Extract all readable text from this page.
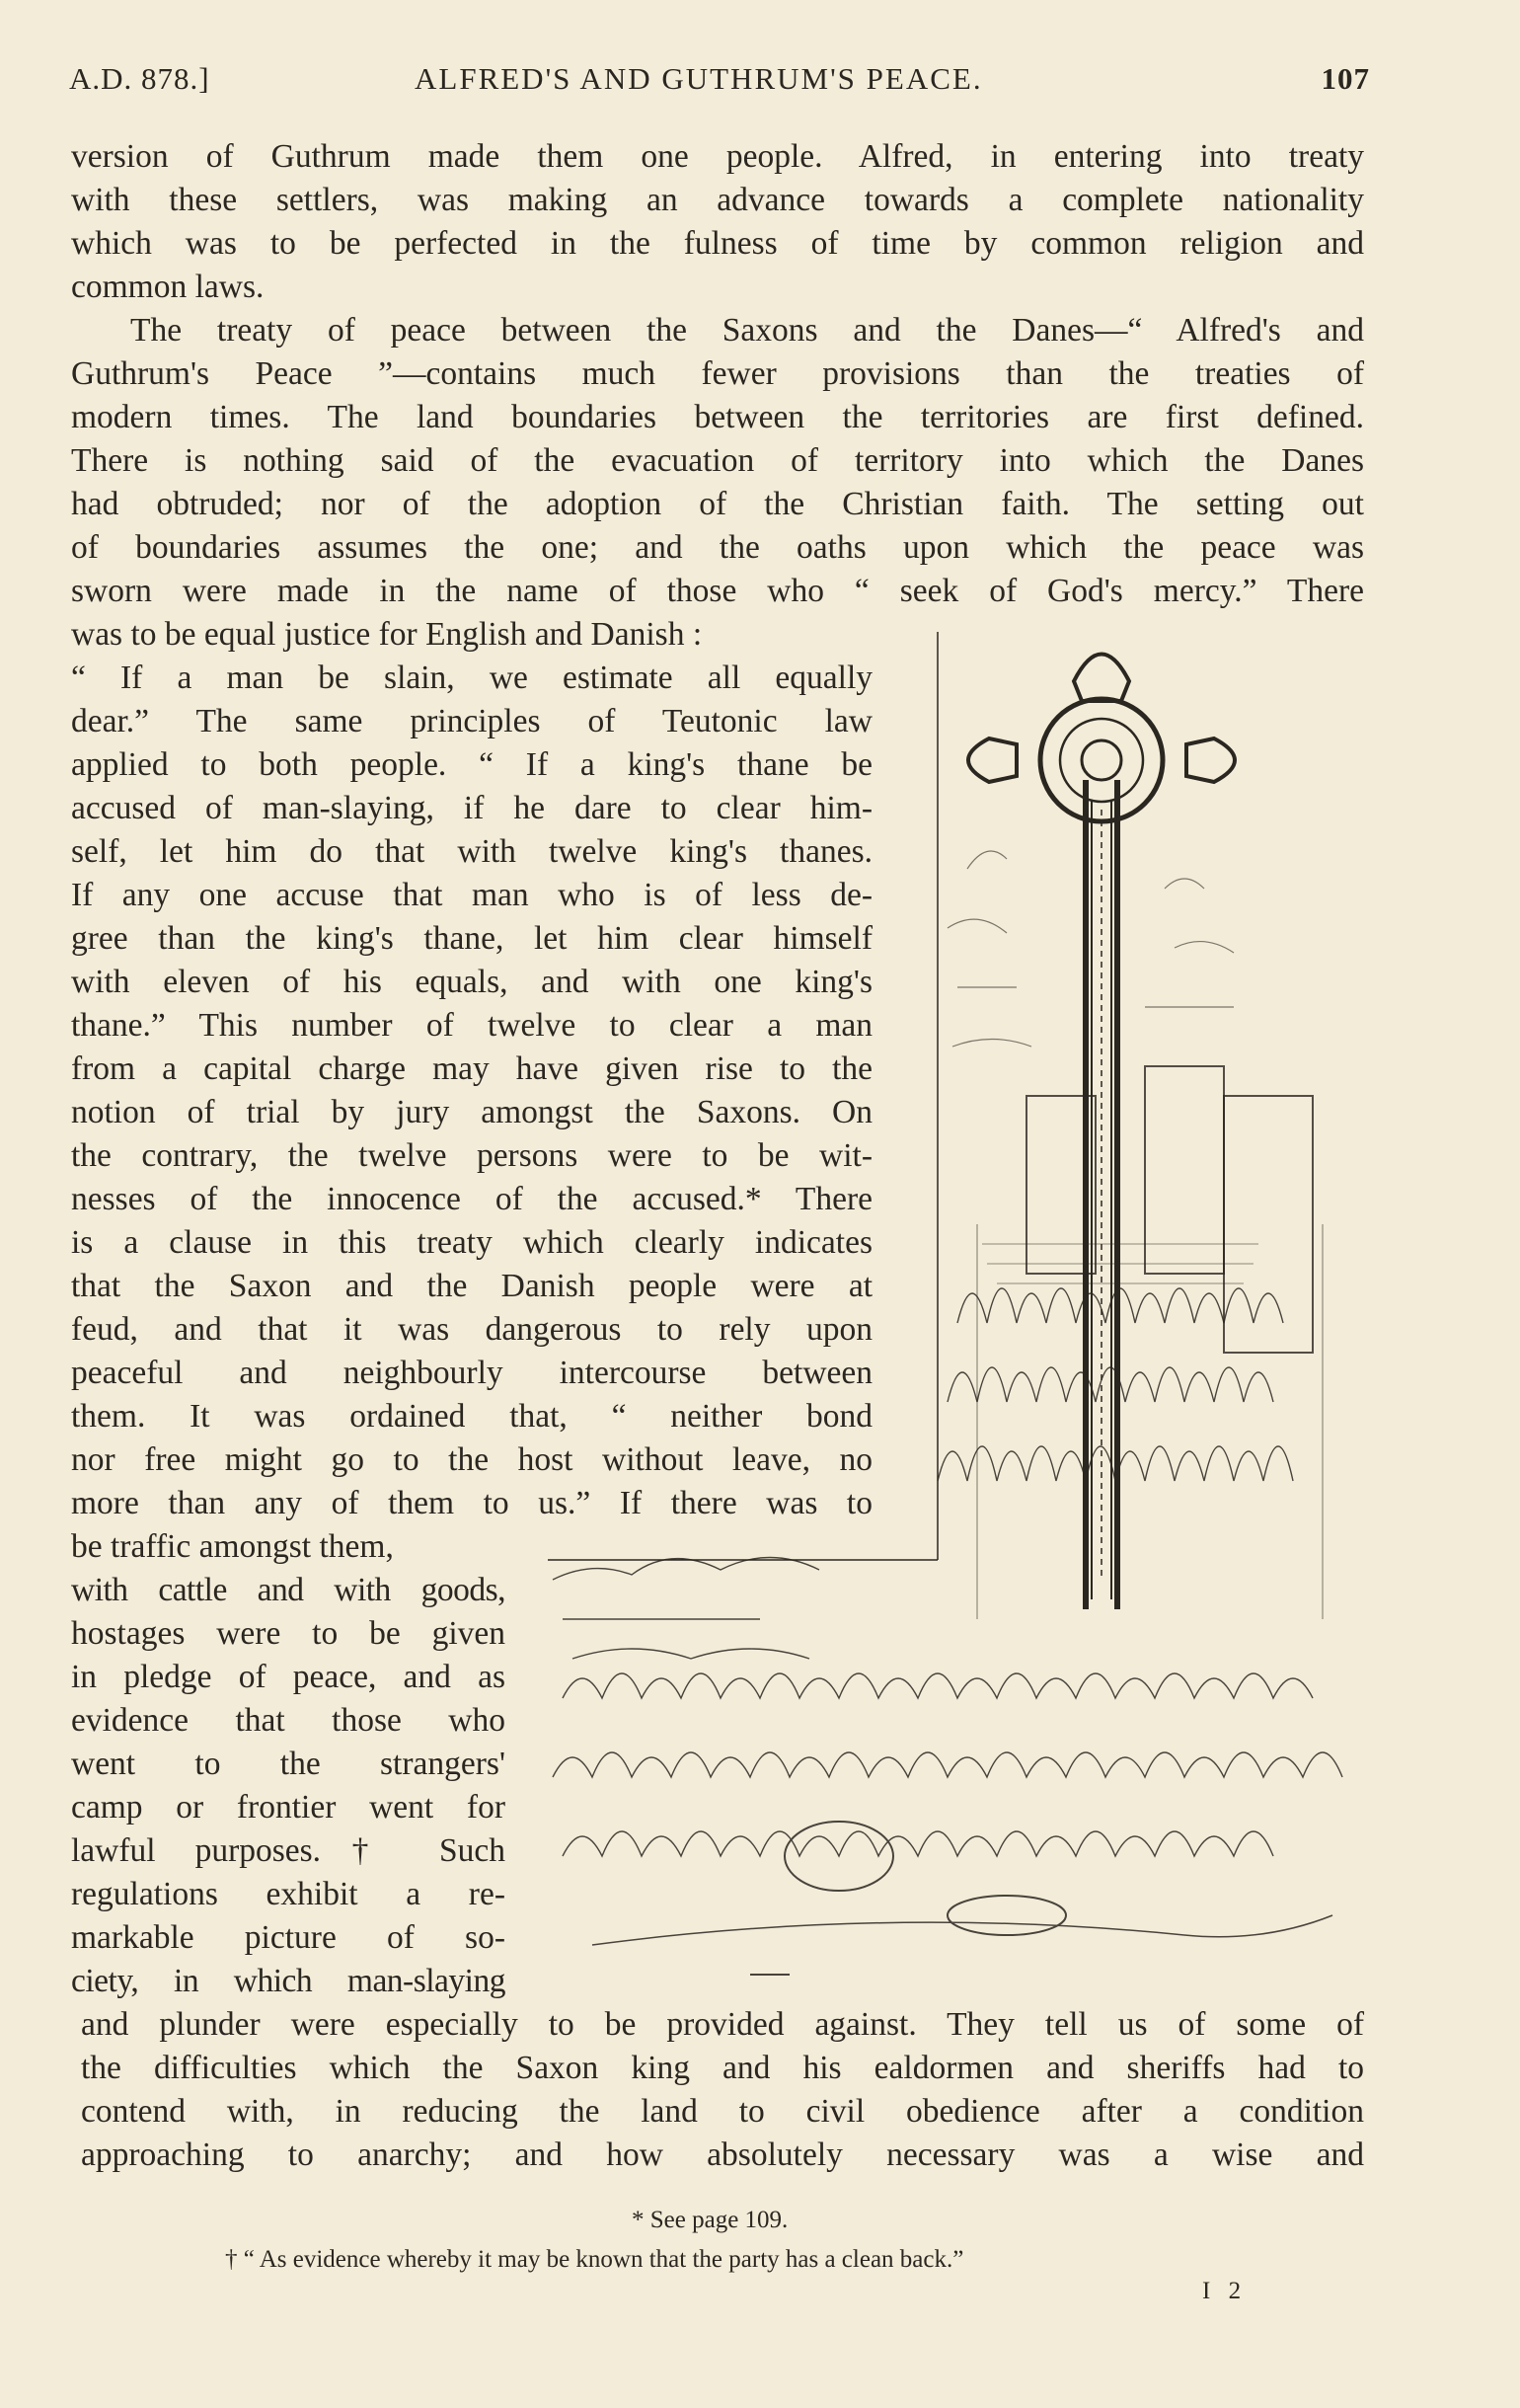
A.D. 878.]	ALFRED'S AND GUTHRUM'S PEACE.	107
version of Guthrum made them one people. Alfred, in entering into treaty
with these settlers, was making an advance towards a complete nationality
which was to be perfected in the fulness of time by common religion and
common laws.
The treaty of peace between the Saxons and the Danes—“ Alfred's and
Guthrum's Peace ”—contains much fewer provisions than the treaties of
modern times. The land boundaries between the territories are first defined.
There is nothing said of the evacuation of territory into which the Danes
had obtruded; nor of the adoption of the Christian faith. The setting out
of boundaries assumes the one; and the oaths upon which the peace was
sworn were made in the name of those who “ seek of God's mercy.” There
was to be equal justice for English and Danish :
“ If a man be slain, we estimate all equally
dear.” The same principles of Teutonic law
applied to both people. “ If a king's thane be
accused of man-slaying, if he dare to clear him-
self, let him do that with twelve king's thanes.
If any one accuse that man who is of less de-
gree than the king's thane, let him clear himself
with eleven of his equals, and with one king's
thane.” This number of twelve to clear a man
from a capital charge may have given rise to the
notion of trial by jury amongst the Saxons. On
the contrary, the twelve persons were to be wit-
nesses of the innocence of the accused.* There
is a clause in this treaty which clearly indicates
that the Saxon and the Danish people were at
feud, and that it was dangerous to rely upon
peaceful and neighbourly intercourse between
them. It was ordained that, “ neither bond
nor free might go to the host without leave, no
more than any of them to us.” If there was to
be traffic amongst them,
with cattle and with goods,
hostages were to be given
in pledge of peace, and as
evidence that those who
went to the strangers'
camp or frontier went for
lawful purposes.† Such
regulations exhibit a re-
markable picture of so-
ciety, in which man-slaying
and plunder were especially to be provided against. They tell us of some of
the difficulties which the Saxon king and his ealdormen and sheriffs had to
contend with, in reducing the land to civil obedience after a condition
approaching to anarchy; and how absolutely necessary was a wise and
* See page 109.
† “ As evidence whereby it may be known that the party has a clean back.”
I 2
